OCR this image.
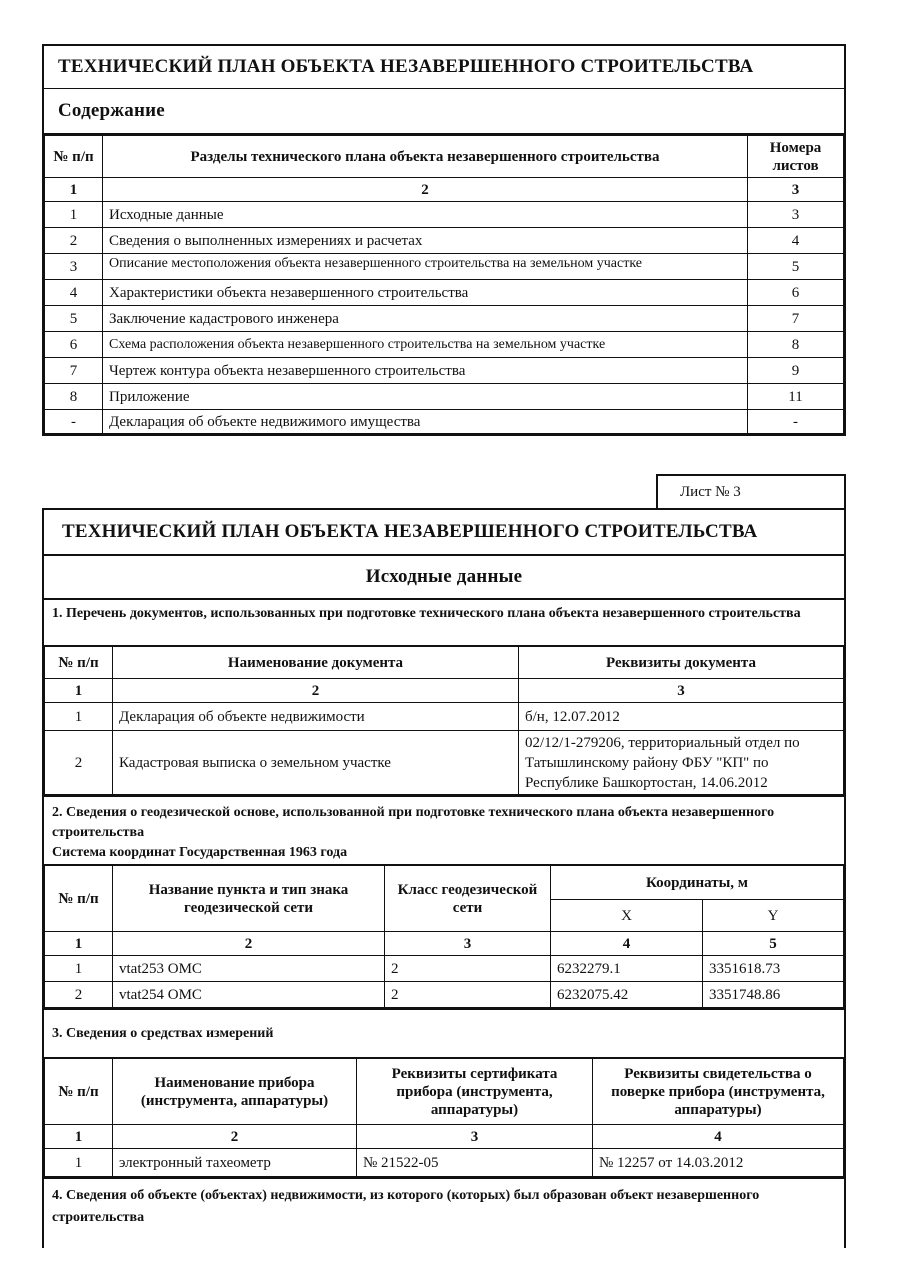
ТЕХНИЧЕСКИЙ ПЛАН ОБЪЕКТА НЕЗАВЕРШЕННОГО СТРОИТЕЛЬСТВА
Содержание
№ п/п	Разделы технического плана объекта незавершенного строительства	Номера листов
1	2	3
1	Исходные данные	3
2	Сведения о выполненных измерениях и расчетах	4
3	Описание местоположения объекта незавершенного строительства на земельном участке	5
4	Характеристики объекта незавершенного строительства	6
5	Заключение кадастрового инженера	7
6	Схема расположения объекта незавершенного строительства на земельном участке	8
7	Чертеж контура объекта незавершенного строительства	9
8	Приложение	11
-	Декларация об объекте недвижимого имущества	-
Лист № 3
ТЕХНИЧЕСКИЙ ПЛАН ОБЪЕКТА НЕЗАВЕРШЕННОГО СТРОИТЕЛЬСТВА
Исходные данные
1. Перечень документов, использованных при подготовке технического плана объекта незавершенного строительства
№ п/п	Наименование документа	Реквизиты документа
1	2	3
1	Декларация об объекте недвижимости	б/н, 12.07.2012
2	Кадастровая выписка о земельном участке	02/12/1-279206, территориальный отдел по Татышлинскому району ФБУ "КП" по Республике Башкортостан, 14.06.2012
2. Сведения о геодезической основе, использованной при подготовке технического плана объекта незавершенного строительства
Система координат Государственная 1963 года
№ п/п	Название пункта и тип знака геодезической сети	Класс геодезической сети	Координаты, м	
			X	Y
1	2	3	4	5
1	vtat253 ОМС	2	6232279.1	3351618.73
2	vtat254 ОМС	2	6232075.42	3351748.86
3. Сведения о средствах измерений
№ п/п	Наименование прибора (инструмента, аппаратуры)	Реквизиты сертификата прибора (инструмента, аппаратуры)	Реквизиты свидетельства о поверке прибора (инструмента, аппаратуры)
1	2	3	4
1	электронный тахеометр	№ 21522-05	№ 12257 от 14.03.2012
4. Сведения об объекте (объектах) недвижимости, из которого (которых) был образован объект незавершенного строительства
